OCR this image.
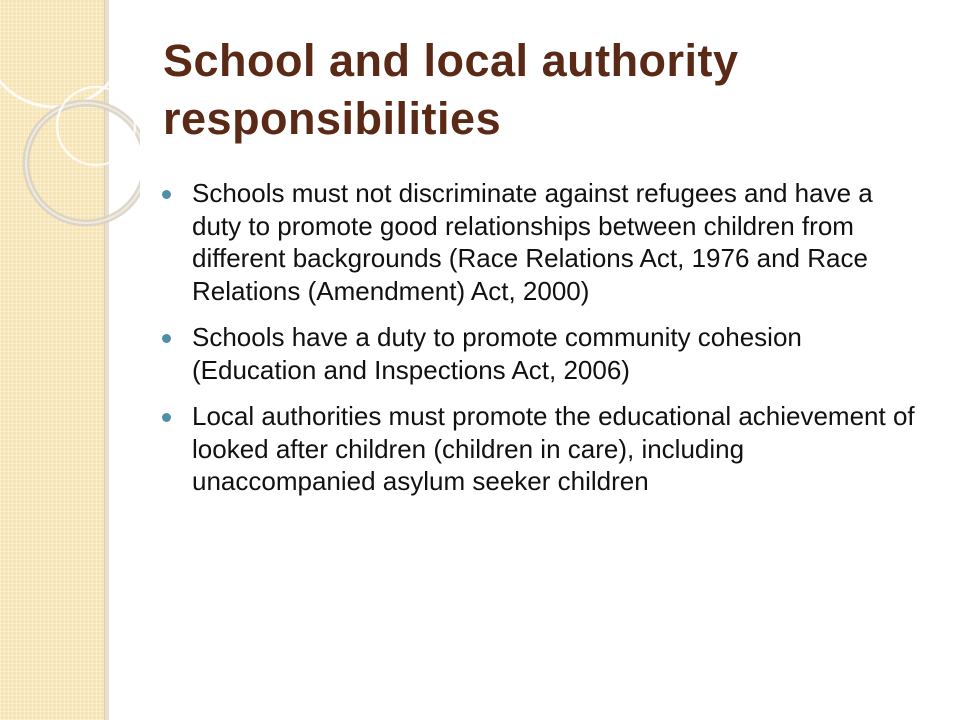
School and local authority responsibilities
Schools must not discriminate against refugees and have a duty to promote good relationships between children from different backgrounds (Race Relations Act, 1976 and Race Relations (Amendment) Act, 2000)
Schools have a duty to promote community cohesion (Education and Inspections Act, 2006)
Local authorities must promote the educational achievement of looked after children (children in care), including unaccompanied asylum seeker children
